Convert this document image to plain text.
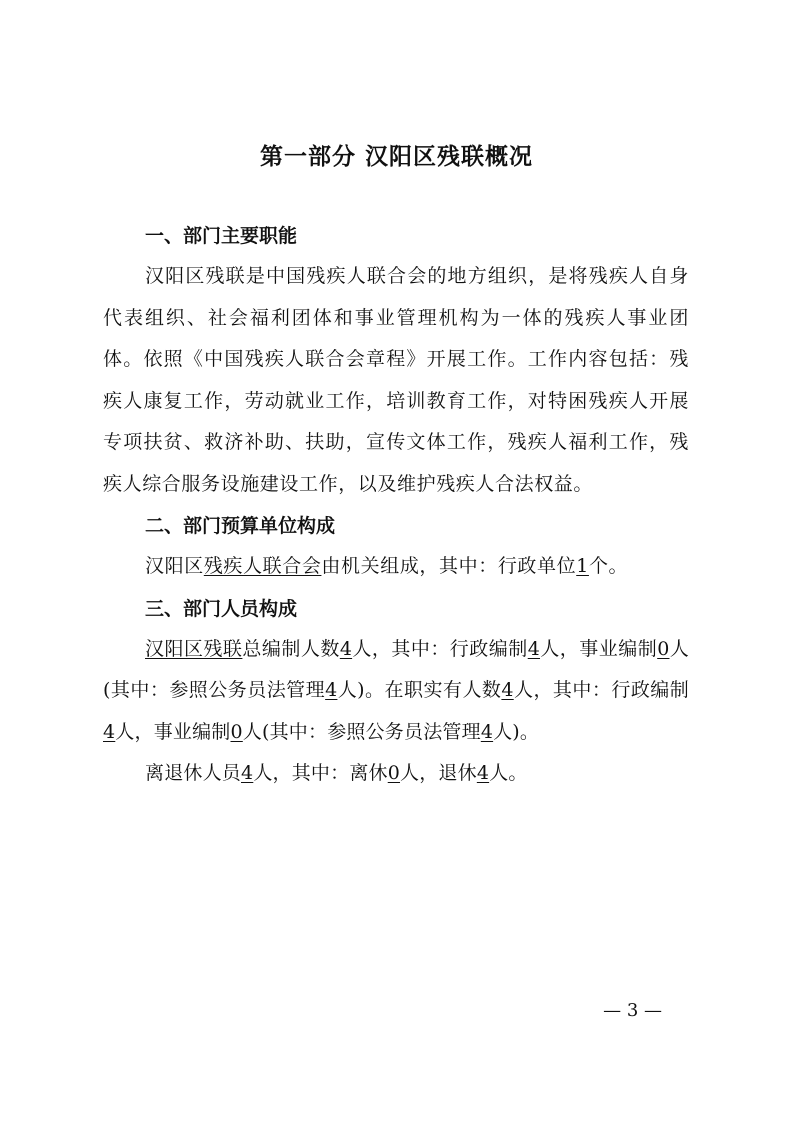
第一部分 汉阳区残联概况

一、部门主要职能

汉阳区残联是中国残疾人联合会的地方组织，是将残疾人自身代表组织、社会福利团体和事业管理机构为一体的残疾人事业团体。依照《中国残疾人联合会章程》开展工作。工作内容包括：残疾人康复工作，劳动就业工作，培训教育工作，对特困残疾人开展专项扶贫、救济补助、扶助，宣传文体工作，残疾人福利工作，残疾人综合服务设施建设工作，以及维护残疾人合法权益。

二、部门预算单位构成

汉阳区残疾人联合会由机关组成，其中：行政单位1个。

三、部门人员构成

汉阳区残联总编制人数4人，其中：行政编制4人，事业编制0人(其中：参照公务员法管理4人)。在职实有人数4人，其中：行政编制4人，事业编制0人(其中：参照公务员法管理4人)。

离退休人员4人，其中：离休0人，退休4人。

— 3 —
